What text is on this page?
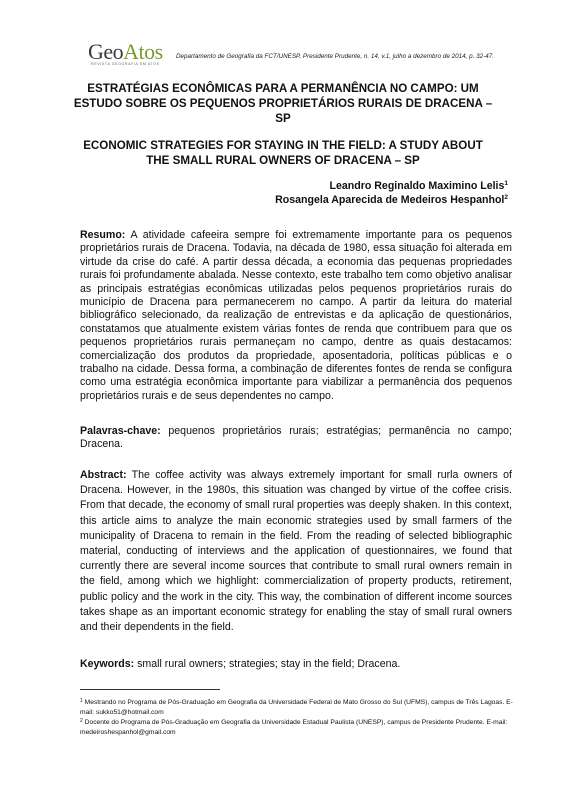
GeoAtos
REVISTA GEOGRAFIA EM ATOS
Departamento de Geografia da FCT/UNESP, Presidente Prudente, n. 14, v.1, julho a dezembro de 2014, p. 32-47.
ESTRATÉGIAS ECONÔMICAS PARA A PERMANÊNCIA NO CAMPO: UM ESTUDO SOBRE OS PEQUENOS PROPRIETÁRIOS RURAIS DE DRACENA – SP
ECONOMIC STRATEGIES FOR STAYING IN THE FIELD: A STUDY ABOUT THE SMALL RURAL OWNERS OF DRACENA – SP
Leandro Reginaldo Maximino Lelis$^1$
Rosangela Aparecida de Medeiros Hespanhol$^2$
Resumo: A atividade cafeeira sempre foi extremamente importante para os pequenos proprietários rurais de Dracena. Todavia, na década de 1980, essa situação foi alterada em virtude da crise do café. A partir dessa década, a economia das pequenas propriedades rurais foi profundamente abalada. Nesse contexto, este trabalho tem como objetivo analisar as principais estratégias econômicas utilizadas pelos pequenos proprietários rurais do município de Dracena para permanecerem no campo. A partir da leitura do material bibliográfico selecionado, da realização de entrevistas e da aplicação de questionários, constatamos que atualmente existem várias fontes de renda que contribuem para que os pequenos proprietários rurais permaneçam no campo, dentre as quais destacamos: comercialização dos produtos da propriedade, aposentadoria, políticas públicas e o trabalho na cidade. Dessa forma, a combinação de diferentes fontes de renda se configura como uma estratégia econômica importante para viabilizar a permanência dos pequenos proprietários rurais e de seus dependentes no campo.
Palavras-chave: pequenos proprietários rurais; estratégias; permanência no campo; Dracena.
Abstract: The coffee activity was always extremely important for small rurla owners of Dracena. However, in the 1980s, this situation was changed by virtue of the coffee crisis. From that decade, the economy of small rural properties was deeply shaken. In this context, this article aims to analyze the main economic strategies used by small farmers of the municipality of Dracena to remain in the field. From the reading of selected bibliographic material, conducting of interviews and the application of questionnaires, we found that currently there are several income sources that contribute to small rural owners remain in the field, among which we highlight: commercialization of property products, retirement, public policy and the work in the city. This way, the combination of different income sources takes shape as an important economic strategy for enabling the stay of small rural owners and their dependents in the field.
Keywords: small rural owners; strategies; stay in the field; Dracena.
$^1$ Mestrando no Programa de Pós-Graduação em Geografia da Universidade Federal de Mato Grosso do Sul (UFMS), campus de Três Lagoas. E-mail: sukko51@hotmail.com
$^2$ Docente do Programa de Pós-Graduação em Geografia da Universidade Estadual Paulista (UNESP), campus de Presidente Prudente. E-mail: medeiroshespanhol@gmail.com
